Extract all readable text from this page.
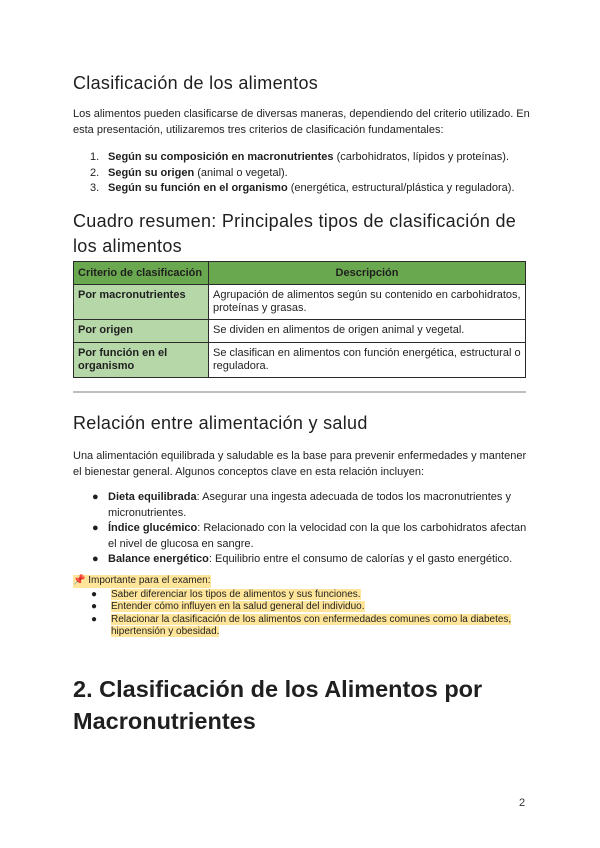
Clasificación de los alimentos

Los alimentos pueden clasificarse de diversas maneras, dependiendo del criterio utilizado. En esta presentación, utilizaremos tres criterios de clasificación fundamentales:

1. Según su composición en macronutrientes (carbohidratos, lípidos y proteínas).
2. Según su origen (animal o vegetal).
3. Según su función en el organismo (energética, estructural/plástica y reguladora).
Cuadro resumen: Principales tipos de clasificación de los alimentos
Criterio de clasificación	Descripción
Por macronutrientes	Agrupación de alimentos según su contenido en carbohidratos, proteínas y grasas.
Por origen	Se dividen en alimentos de origen animal y vegetal.
Por función en el organismo	Se clasifican en alimentos con función energética, estructural o reguladora.
Relación entre alimentación y salud

Una alimentación equilibrada y saludable es la base para prevenir enfermedades y mantener el bienestar general. Algunos conceptos clave en esta relación incluyen:

● Dieta equilibrada: Asegurar una ingesta adecuada de todos los macronutrientes y micronutrientes.
● Índice glucémico: Relacionado con la velocidad con la que los carbohidratos afectan el nivel de glucosa en sangre.
● Balance energético: Equilibrio entre el consumo de calorías y el gasto energético.
📌 Importante para el examen:
● Saber diferenciar los tipos de alimentos y sus funciones.
● Entender cómo influyen en la salud general del individuo.
● Relacionar la clasificación de los alimentos con enfermedades comunes como la diabetes, hipertensión y obesidad.
2. Clasificación de los Alimentos por Macronutrientes
2
